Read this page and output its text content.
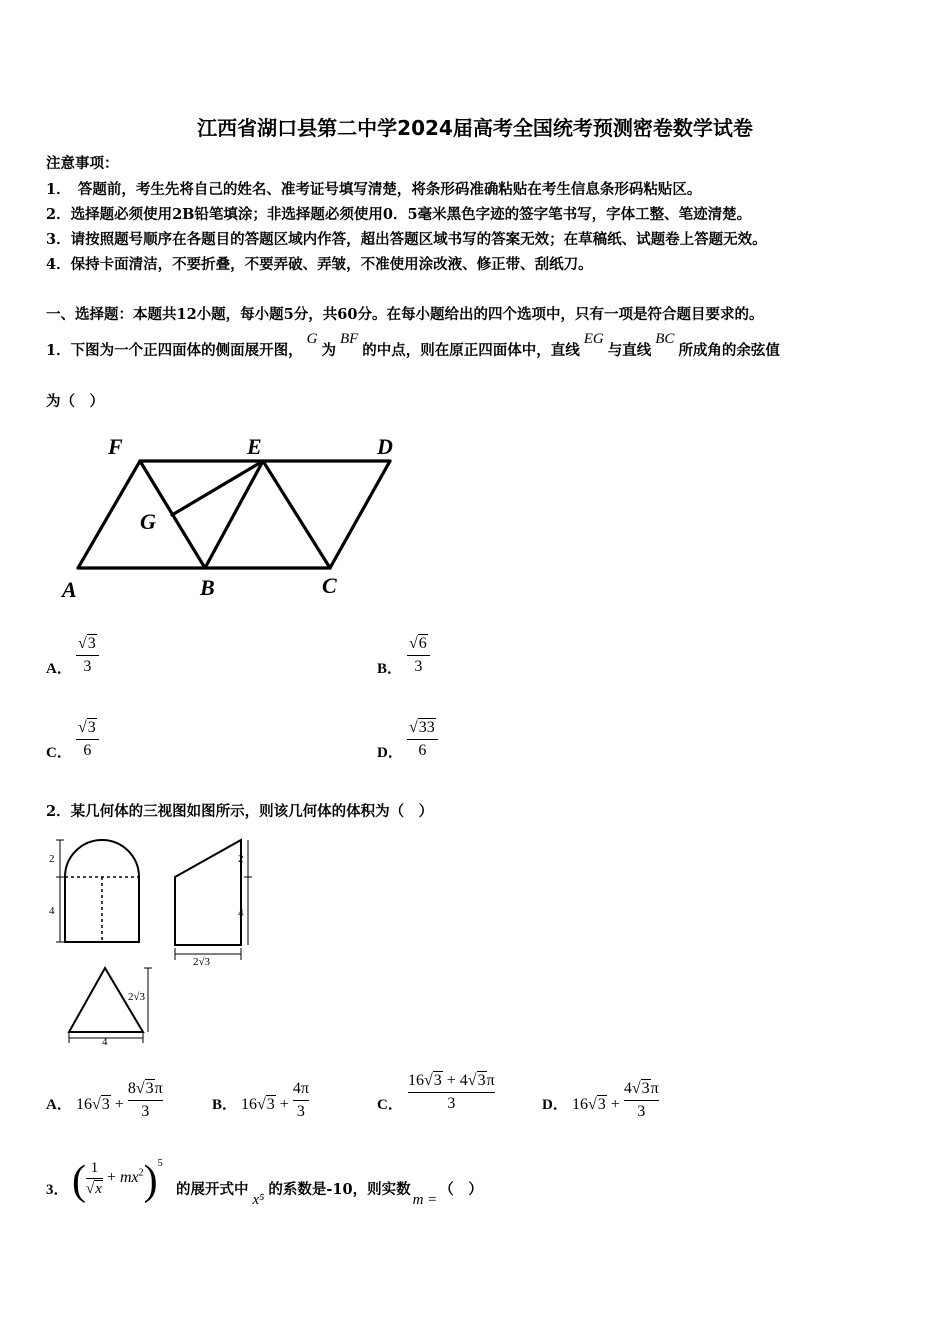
江西省湖口县第二中学2024届高考全国统考预测密卷数学试卷
注意事项：
1．　答题前，考生先将自己的姓名、准考证号填写清楚，将条形码准确粘贴在考生信息条形码粘贴区。
2．选择题必须使用2B铅笔填涂；非选择题必须使用0．5毫米黑色字迹的签字笔书写，字体工整、笔迹清楚。
3．请按照题号顺序在各题目的答题区域内作答，超出答题区域书写的答案无效；在草稿纸、试题卷上答题无效。
4．保持卡面清洁，不要折叠，不要弄破、弄皱，不准使用涂改液、修正带、刮纸刀。
一、选择题：本题共12小题，每小题5分，共60分。在每小题给出的四个选项中，只有一项是符合题目要求的。
1．下图为一个正四面体的侧面展开图，G为BF的中点，则在原正四面体中，直线EG与直线BC所成角的余弦值
为（　）
F	E	D
G
A	B	C
A． $\frac{√3}{3}$	B． $\frac{√6}{3}$
C． $\frac{√3}{6}$	D． $\frac{√33}{6}$
2．某几何体的三视图如图所示，则该几何体的体积为（　）
2
4
2
4
2√3
2√3
4
A． $16√3 + \frac{8√3\pi}{3}$	B． $16√3 + \frac{4\pi}{3}$	C．
16√3 + 4√3π
3	D． $16√3 + \frac{4√3\pi}{3}$
3． ( $\frac{1}{√x} + mx^2)^5$
的展开式中x⁵的系数是-10，则实数m =（　）
